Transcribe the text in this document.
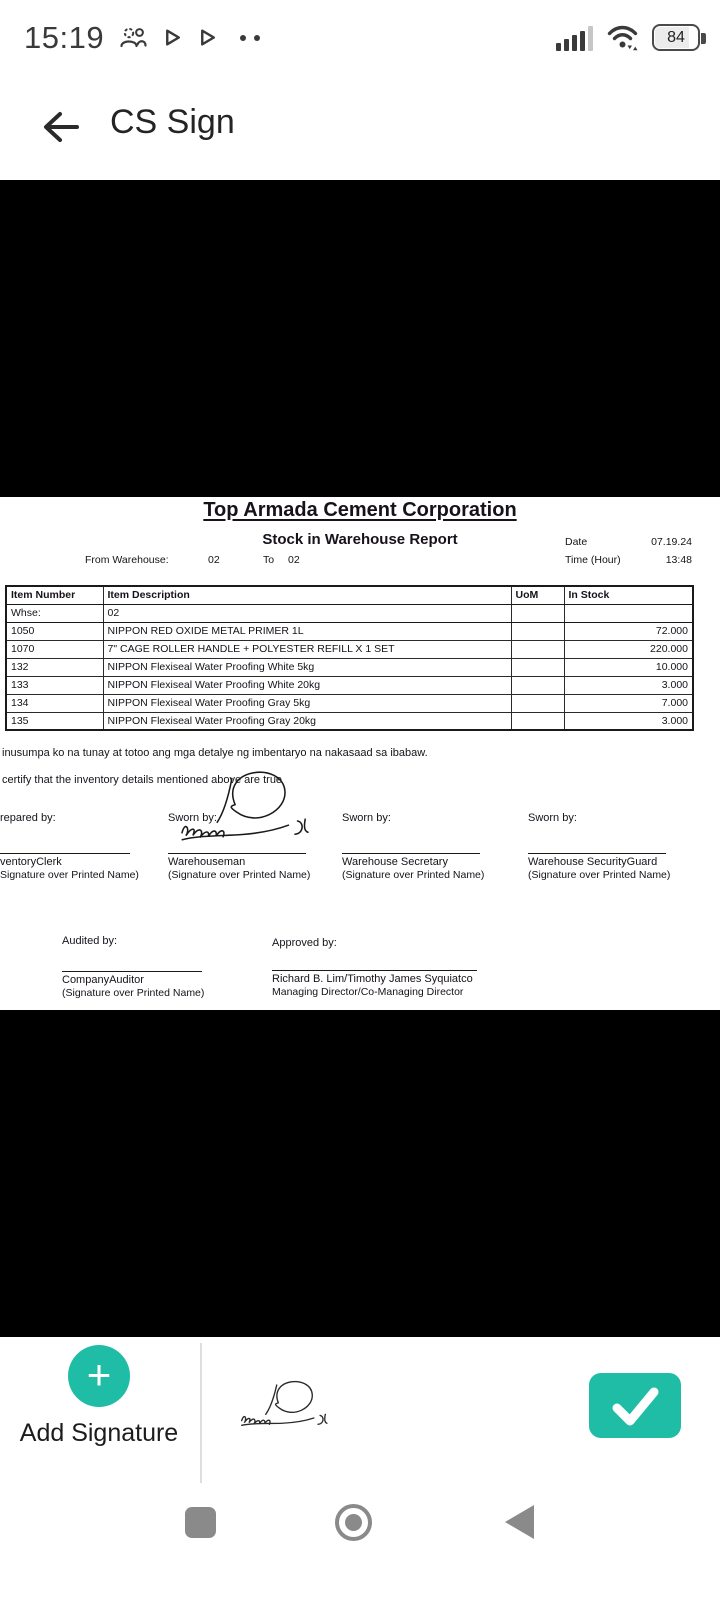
15:19	84
CS Sign
Top Armada Cement Corporation
Stock in Warehouse Report	Date	07.19.24
From Warehouse:	02	To 02	Time (Hour)	13:48
Item Number	Item Description	UoM	In Stock
Whse:	02		
1050	NIPPON RED OXIDE METAL PRIMER 1L		72.000
1070	7" CAGE ROLLER HANDLE + POLYESTER REFILL X 1 SET		220.000
132	NIPPON Flexiseal Water Proofing White 5kg		10.000
133	NIPPON Flexiseal Water Proofing White 20kg		3.000
134	NIPPON Flexiseal Water Proofing Gray 5kg		7.000
135	NIPPON Flexiseal Water Proofing Gray 20kg		3.000
inusumpa ko na tunay at totoo ang mga detalye ng imbentaryo na nakasaad sa ibabaw.
certify that the inventory details mentioned above are true
repared by:
ventoryClerk
Signature over Printed Name)
Sworn by:
Warehouseman
(Signature over Printed Name)
Sworn by:
Warehouse Secretary
(Signature over Printed Name)
Sworn by:
Warehouse SecurityGuard
(Signature over Printed Name)
Audited by:
CompanyAuditor
(Signature over Printed Name)
Approved by:
Richard B. Lim/Timothy James Syquiatco
Managing Director/Co-Managing Director
+
Add Signature
